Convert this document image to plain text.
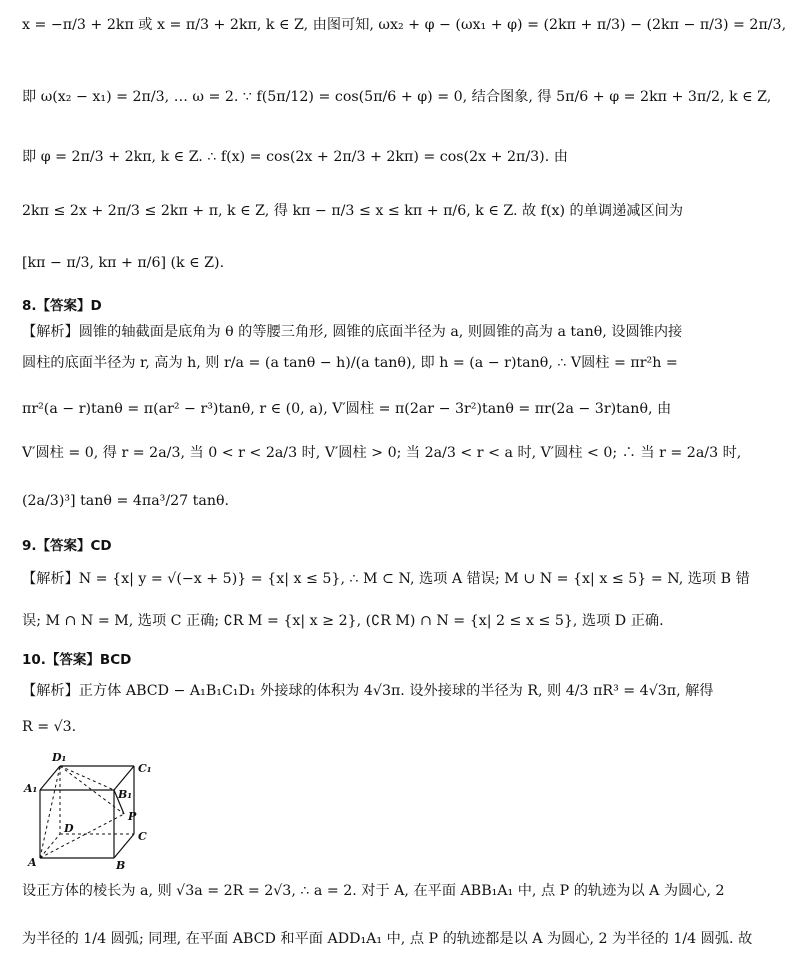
x = −π/3 + 2kπ 或 x = π/3 + 2kπ, k ∈ Z, 由图可知, ωx₂ + φ − (ωx₁ + φ) = (2kπ + π/3) − (2kπ − π/3) = 2π/3,
即 ω(x₂ − x₁) = 2π/3, … ω = 2. ∵ f(5π/12) = cos(5π/6 + φ) = 0, 结合图象, 得 5π/6 + φ = 2kπ + 3π/2, k ∈ Z,
即 φ = 2π/3 + 2kπ, k ∈ Z. ∴ f(x) = cos(2x + 2π/3 + 2kπ) = cos(2x + 2π/3). 由
2kπ ≤ 2x + 2π/3 ≤ 2kπ + π, k ∈ Z, 得 kπ − π/3 ≤ x ≤ kπ + π/6, k ∈ Z. 故 f(x) 的单调递减区间为
[kπ − π/3, kπ + π/6] (k ∈ Z).
8.【答案】D
【解析】圆锥的轴截面是底角为 θ 的等腰三角形, 圆锥的底面半径为 a, 则圆锥的高为 a tanθ, 设圆锥内接
圆柱的底面半径为 r, 高为 h, 则 r/a = (a tanθ − h)/(a tanθ), 即 h = (a − r)tanθ, ∴ V圆柱 = πr²h =
πr²(a − r)tanθ = π(ar² − r³)tanθ, r ∈ (0, a), V′圆柱 = π(2ar − 3r²)tanθ = πr(2a − 3r)tanθ, 由
V′圆柱 = 0, 得 r = 2a/3, 当 0 < r < 2a/3 时, V′圆柱 > 0; 当 2a/3 < r < a 时, V′圆柱 < 0; ∴ 当 r = 2a/3 时,
(2a/3)³] tanθ = 4πa³/27 tanθ.
9.【答案】CD
【解析】N = {x| y = √(−x + 5)} = {x| x ≤ 5}, ∴ M ⊂ N, 选项 A 错误; M ∪ N = {x| x ≤ 5} = N, 选项 B 错
误; M ∩ N = M, 选项 C 正确; ∁R M = {x| x ≥ 2}, (∁R M) ∩ N = {x| 2 ≤ x ≤ 5}, 选项 D 正确.
10.【答案】BCD
【解析】正方体 ABCD − A₁B₁C₁D₁ 外接球的体积为 4√3π. 设外接球的半径为 R, 则 4/3 πR³ = 4√3π, 解得
R = √3.
D₁
C₁
A₁	B₁
P
D
C
A	B
设正方体的棱长为 a, 则 √3a = 2R = 2√3, ∴ a = 2. 对于 A, 在平面 ABB₁A₁ 中, 点 P 的轨迹为以 A 为圆心, 2
为半径的 1/4 圆弧; 同理, 在平面 ABCD 和平面 ADD₁A₁ 中, 点 P 的轨迹都是以 A 为圆心, 2 为半径的 1/4 圆弧. 故
